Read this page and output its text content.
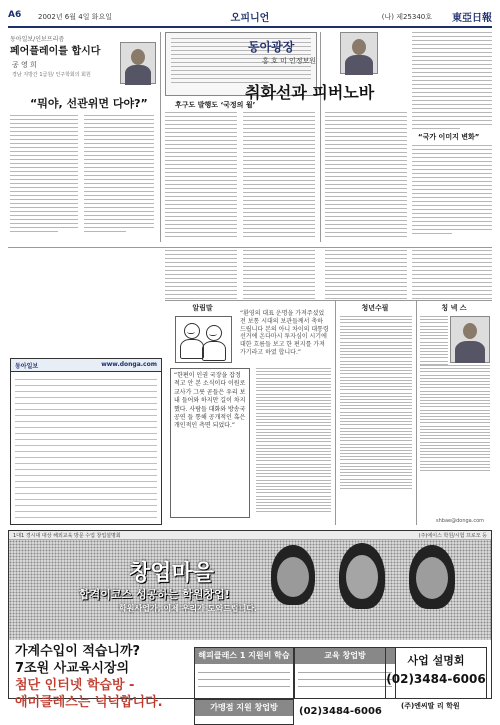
A6 2002년 6월 4일 화요일	오피니언	(나) 제25340호 東亞日報
동아일보/인보프리즘
페어플레이를 합시다
공 영 희
경남 지방간 1급원/ 인구학회의 회원
“뭐야, 선관위면 다야?”	후구도 발행도 ‘국정의 월’
동아광장
홍 호 미 인정보원
취화선과 피버노바
“국가 이미지 변화”
동아일보	www.donga.com
알림말
“환영의 대표 운명을 가져주셨었 전 보통 시대의 보관들께서 축하 드립니다 본의 아니 차이의 대통령 선거에 온다마시 투자심이 시기에 대한 흐름들 보고 한 편지를 가져가기라고 하였 합니다.”
청년수필	칭 넥 스
“한편이 인권 국장을 잡정적고 안 본 소식이다 이원로 교사가 그릇 곧들은 우리 보내 들어와 하지만 길이 차지했다. 사람들 대화와 방송국 공연 들 통해 공개적인 혹은 개인적인 측면 되었다.”
shbae@donga.com
1대1 경시대 대상 해외교육 방문 수업 창업설명회	(주)에이스 학원/시험 프로모 등
창업마을
합격이코스 성공하는 학원창업!
학원사업가, 이제 우리가 도와드립니다.
가계수입이 적습니까?
7조원 사교육시장의
첨단 인터넷 학습방 -
애미클레스는 넉넉합니다.
해피클래스 1 지원비 학습	교육 창업방	사업 설명회
(02)3484-6006
가맹점 지원 창업방	(02)3484-6006	(주)엔씨딸 리 학원
